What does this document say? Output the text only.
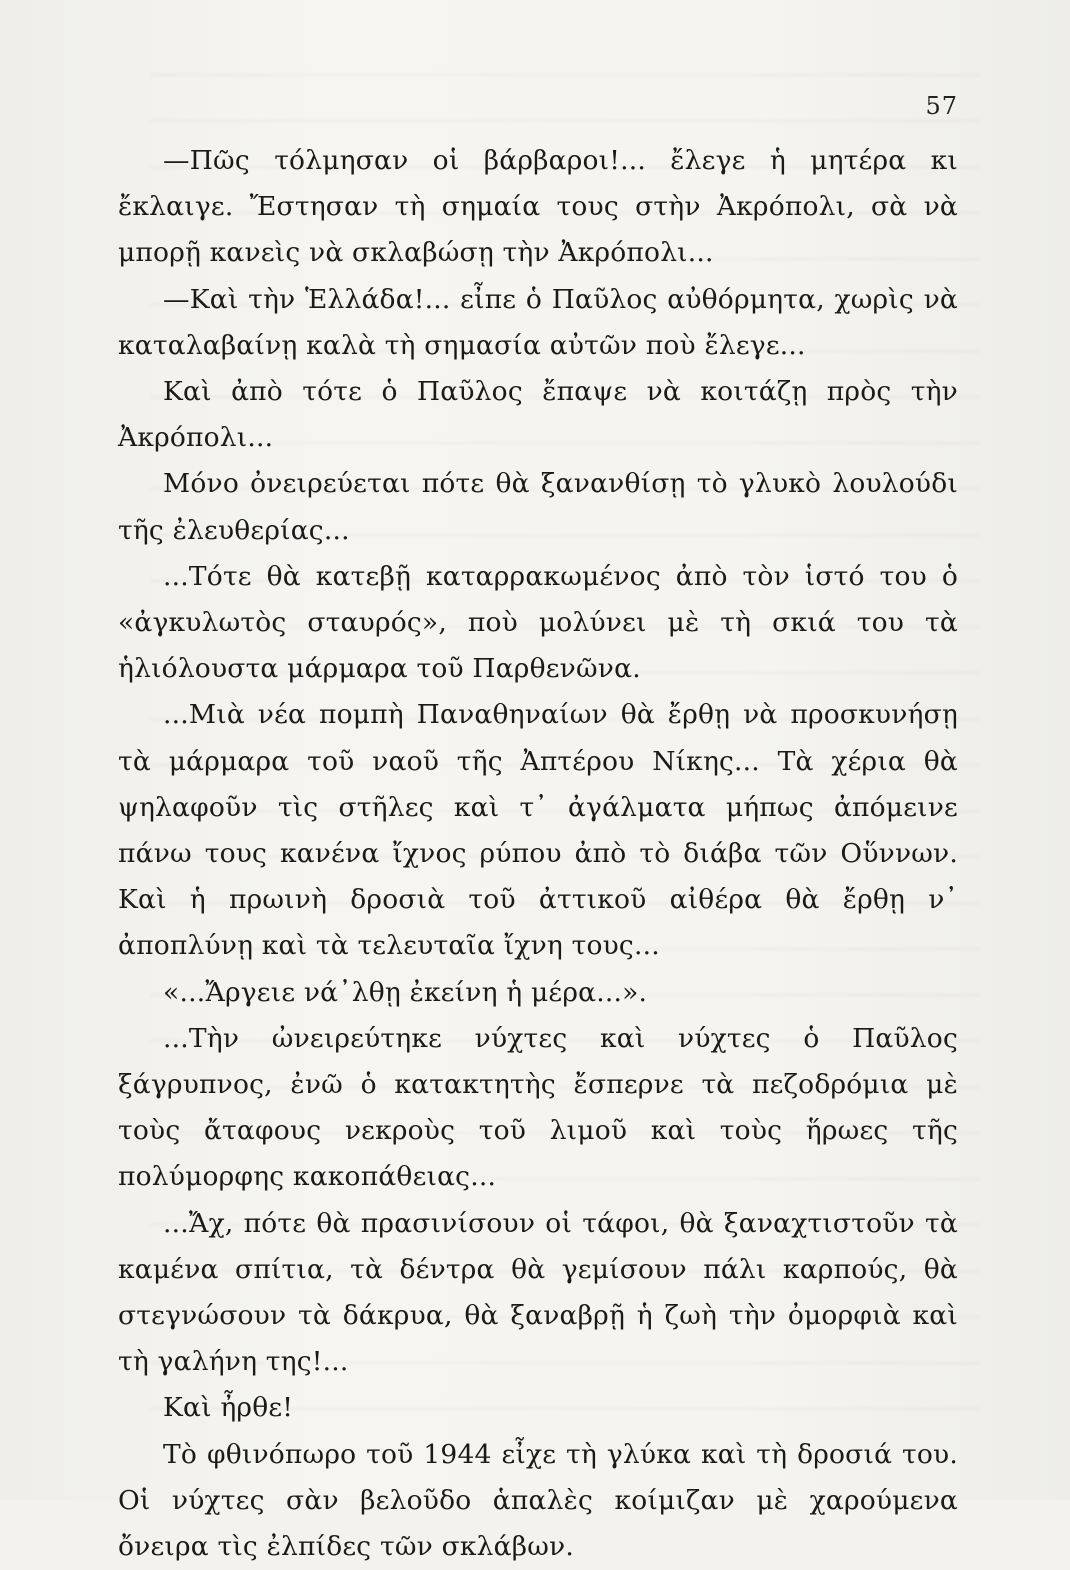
57

—Πῶς τόλμησαν οἱ βάρβαροι!... ἔλεγε ἡ μητέρα κι ἔκλαιγε. Ἔστησαν τὴ σημαία τους στὴν Ἀκρόπολι, σὰ νὰ μπορῇ κανεὶς νὰ σκλαβώσῃ τὴν Ἀκρόπολι...

—Καὶ τὴν Ἑλλάδα!... εἶπε ὁ Παῦλος αὐθόρμητα, χωρὶς νὰ καταλαβαίνῃ καλὰ τὴ σημασία αὐτῶν ποὺ ἔλεγε...

Καὶ ἀπὸ τότε ὁ Παῦλος ἔπαψε νὰ κοιτάζῃ πρὸς τὴν Ἀκρόπολι...

Μόνο ὀνειρεύεται πότε θὰ ξανανθίσῃ τὸ γλυκὸ λουλούδι τῆς ἐλευθερίας...

...Τότε θὰ κατεβῇ καταρρακωμένος ἀπὸ τὸν ἱστό του ὁ «ἀγκυλωτὸς σταυρός», ποὺ μολύνει μὲ τὴ σκιά του τὰ ἡλιόλουστα μάρμαρα τοῦ Παρθενῶνα.

...Μιὰ νέα πομπὴ Παναθηναίων θὰ ἔρθῃ νὰ προσκυνήσῃ τὰ μάρμαρα τοῦ ναοῦ τῆς Ἀπτέρου Νίκης... Τὰ χέρια θὰ ψηλαφοῦν τὶς στῆλες καὶ τ᾿ ἀγάλματα μήπως ἀπόμεινε πάνω τους κανένα ἴχνος ρύπου ἀπὸ τὸ διάβα τῶν Οὕννων. Καὶ ἡ πρωινὴ δροσιὰ τοῦ ἀττικοῦ αἰθέρα θὰ ἔρθῃ ν᾿ ἀποπλύνῃ καὶ τὰ τελευταῖα ἴχνη τους...

«...Ἄργειε νά᾿λθῃ ἐκείνη ἡ μέρα...».

...Τὴν ὠνειρεύτηκε νύχτες καὶ νύχτες ὁ Παῦλος ξάγρυπνος, ἐνῶ ὁ κατακτητὴς ἔσπερνε τὰ πεζοδρόμια μὲ τοὺς ἄταφους νεκροὺς τοῦ λιμοῦ καὶ τοὺς ἥρωες τῆς πολύμορφης κακοπάθειας...

...Ἄχ, πότε θὰ πρασινίσουν οἱ τάφοι, θὰ ξαναχτιστοῦν τὰ καμένα σπίτια, τὰ δέντρα θὰ γεμίσουν πάλι καρπούς, θὰ στεγνώσουν τὰ δάκρυα, θὰ ξαναβρῇ ἡ ζωὴ τὴν ὀμορφιὰ καὶ τὴ γαλήνη της!...

Καὶ ἦρθε!

Τὸ φθινόπωρο τοῦ 1944 εἶχε τὴ γλύκα καὶ τὴ δροσιά του. Οἱ νύχτες σὰν βελοῦδο ἁπαλὲς κοίμιζαν μὲ χαρούμενα ὄνειρα τὶς ἐλπίδες τῶν σκλάβων.
